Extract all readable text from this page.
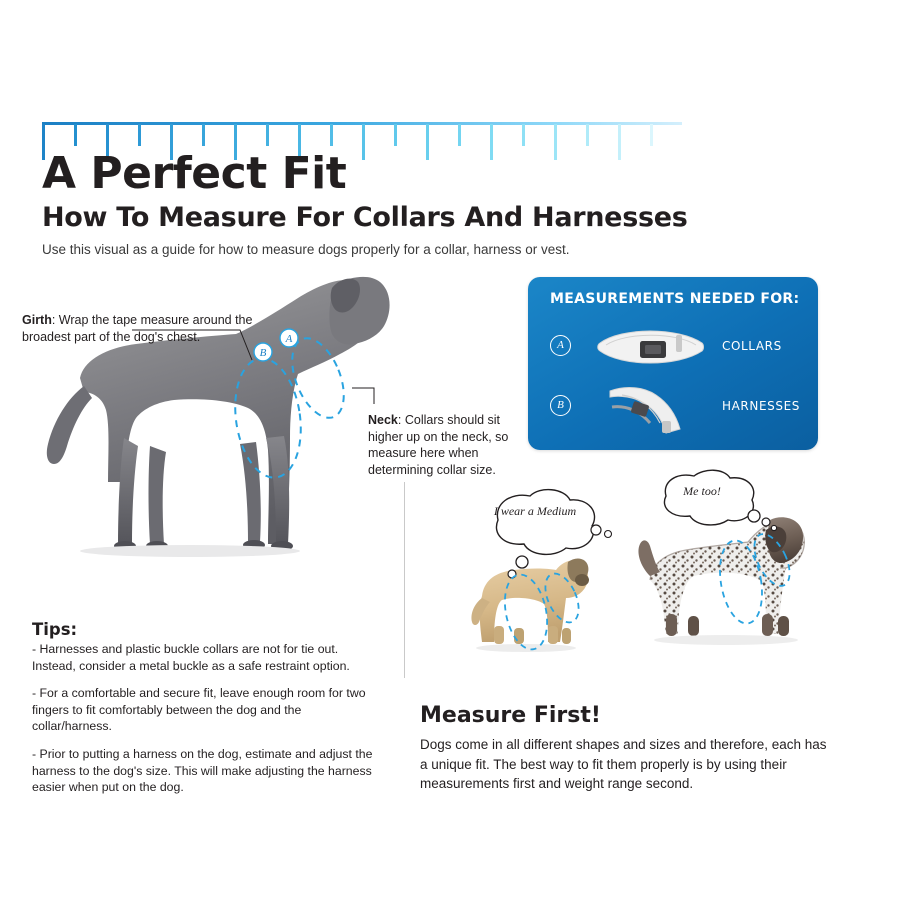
A Perfect Fit
How To Measure For Collars And Harnesses
Use this visual as a guide for how to measure dogs properly for a collar, harness or vest.
A
B
Girth: Wrap the tape measure around the broadest part of the dog's chest.
Neck: Collars should sit higher up on the neck, so measure here when determining collar size.
MEASUREMENTS NEEDED FOR:
A	COLLARS
B	HARNESSES
I wear a Medium
Me too!
Tips:
- Harnesses and plastic buckle collars are not for tie out. Instead, consider a metal buckle as a safe restraint option.
- For a comfortable and secure fit, leave enough room for two fingers to fit comfortably between the dog and the collar/harness.
- Prior to putting a harness on the dog, estimate and adjust the harness to the dog's size. This will make adjusting the harness easier when put on the dog.
Measure First!
Dogs come in all different shapes and sizes and therefore, each has a unique fit. The best way to fit them properly is by using their measurements first and weight range second.
